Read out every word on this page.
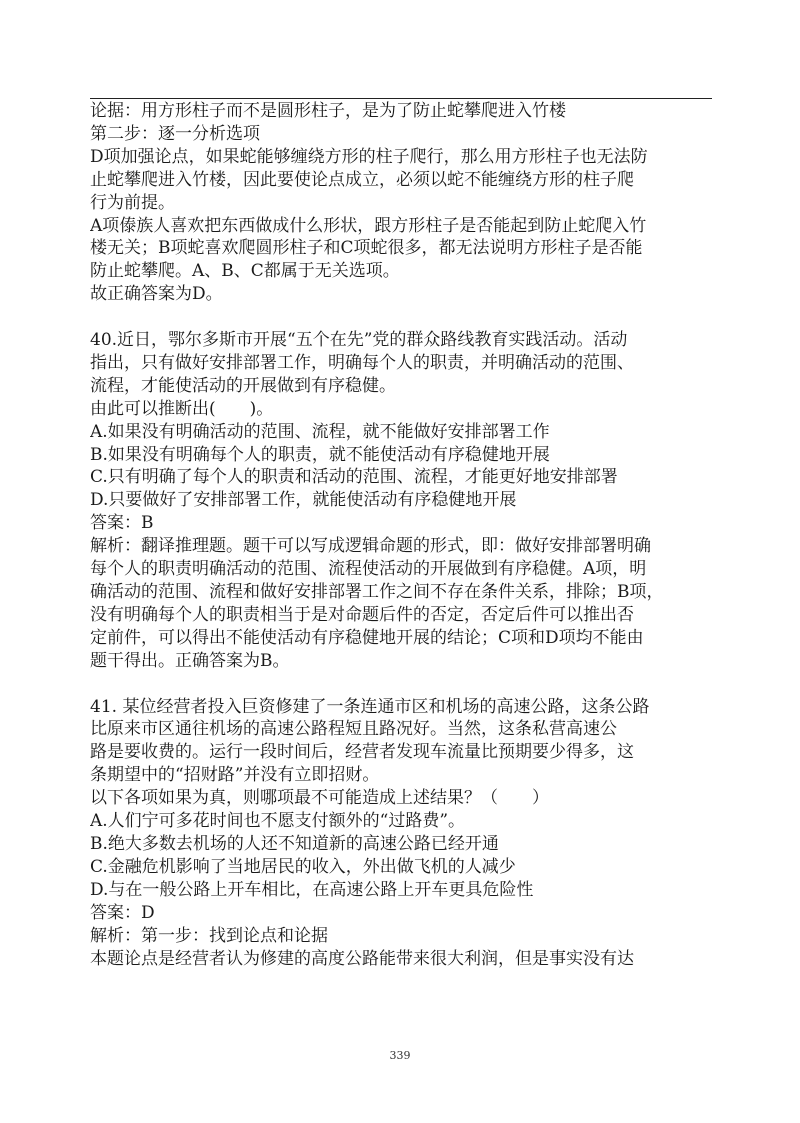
论据：用方形柱子而不是圆形柱子，是为了防止蛇攀爬进入竹楼
第二步：逐一分析选项
D项加强论点，如果蛇能够缠绕方形的柱子爬行，那么用方形柱子也无法防
止蛇攀爬进入竹楼，因此要使论点成立，必须以蛇不能缠绕方形的柱子爬
行为前提。
A项傣族人喜欢把东西做成什么形状，跟方形柱子是否能起到防止蛇爬入竹
楼无关；B项蛇喜欢爬圆形柱子和C项蛇很多，都无法说明方形柱子是否能
防止蛇攀爬。A、B、C都属于无关选项。
故正确答案为D。
40.近日，鄂尔多斯市开展“五个在先”党的群众路线教育实践活动。活动
指出，只有做好安排部署工作，明确每个人的职责，并明确活动的范围、
流程，才能使活动的开展做到有序稳健。
由此可以推断出(　　)。
A.如果没有明确活动的范围、流程，就不能做好安排部署工作
B.如果没有明确每个人的职责，就不能使活动有序稳健地开展
C.只有明确了每个人的职责和活动的范围、流程，才能更好地安排部署
D.只要做好了安排部署工作，就能使活动有序稳健地开展
答案：B
解析：翻译推理题。题干可以写成逻辑命题的形式，即：做好安排部署明确
每个人的职责明确活动的范围、流程使活动的开展做到有序稳健。A项，明
确活动的范围、流程和做好安排部署工作之间不存在条件关系，排除；B项，
没有明确每个人的职责相当于是对命题后件的否定，否定后件可以推出否
定前件，可以得出不能使活动有序稳健地开展的结论；C项和D项均不能由
题干得出。正确答案为B。
41. 某位经营者投入巨资修建了一条连通市区和机场的高速公路，这条公路
比原来市区通往机场的高速公路程短且路况好。当然，这条私营高速公
路是要收费的。运行一段时间后，经营者发现车流量比预期要少得多，这
条期望中的“招财路”并没有立即招财。
以下各项如果为真，则哪项最不可能造成上述结果？（　　）
A.人们宁可多花时间也不愿支付额外的“过路费”。
B.绝大多数去机场的人还不知道新的高速公路已经开通
C.金融危机影响了当地居民的收入，外出做飞机的人减少
D.与在一般公路上开车相比，在高速公路上开车更具危险性
答案：D
解析：第一步：找到论点和论据
本题论点是经营者认为修建的高度公路能带来很大利润，但是事实没有达
339
